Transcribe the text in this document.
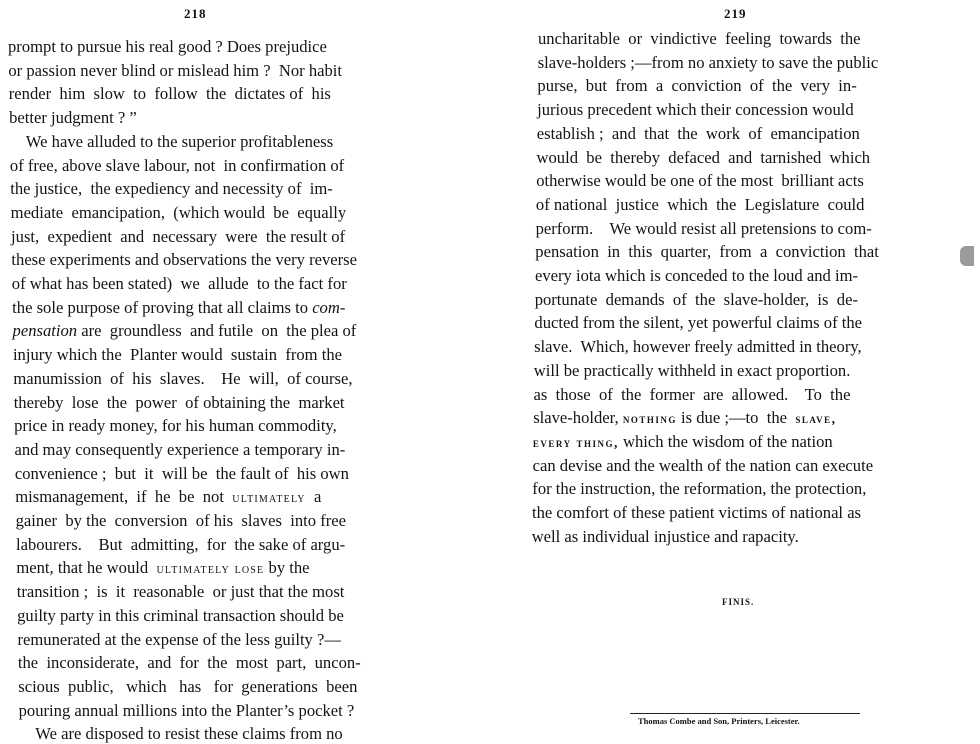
218
prompt to pursue his real good ? Does prejudice
or passion never blind or mislead him ?  Nor habit
render  him  slow  to  follow  the  dictates of  his
better judgment ? ”
We have alluded to the superior profitableness
of free, above slave labour, not  in confirmation of
the justice,  the expediency and necessity of  im-
mediate  emancipation,  (which would  be  equally
just,  expedient  and  necessary  were  the result of
these experiments and observations the very reverse
of what has been stated)  we  allude  to the fact for
the sole purpose of proving that all claims to com-
pensation are  groundless  and futile  on  the plea of
injury which the  Planter would  sustain  from the
manumission  of  his  slaves.    He  will,  of course,
thereby  lose  the  power  of obtaining the  market
price in ready money, for his human commodity,
and may consequently experience a temporary in-
convenience ;  but  it  will be  the fault of  his own
mismanagement,  if  he  be  not  ultimately  a
gainer  by the  conversion  of his  slaves  into free
labourers.    But  admitting,  for  the sake of argu-
ment, that he would  ultimately lose by the
transition ;  is  it  reasonable  or just that the most
guilty party in this criminal transaction should be
remunerated at the expense of the less guilty ?—
the  inconsiderate,  and  for  the  most  part,  uncon-
scious  public,   which   has   for  generations  been
pouring annual millions into the Planter’s pocket ?
We are disposed to resist these claims from no
219
uncharitable  or  vindictive  feeling  towards  the
slave-holders ;—from no anxiety to save the public
purse,  but  from  a  conviction  of  the  very  in-
jurious precedent which their concession would
establish ;  and  that  the  work  of  emancipation
would  be  thereby  defaced  and  tarnished  which
otherwise would be one of the most  brilliant acts
of national  justice  which  the  Legislature  could
perform.    We would resist all pretensions to com-
pensation  in  this  quarter,  from  a  conviction  that
every iota which is conceded to the loud and im-
portunate  demands  of  the  slave-holder,  is  de-
ducted from the silent, yet powerful claims of the
slave.  Which, however freely admitted in theory,
will be practically withheld in exact proportion.
as  those  of  the  former  are  allowed.    To  the
slave-holder, nothing is due ;—to  the  slave,
every thing, which the wisdom of the nation
can devise and the wealth of the nation can execute
for the instruction, the reformation, the protection,
the comfort of these patient victims of national as
well as individual injustice and rapacity.
FINIS.
Thomas Combe and Son, Printers, Leicester.
